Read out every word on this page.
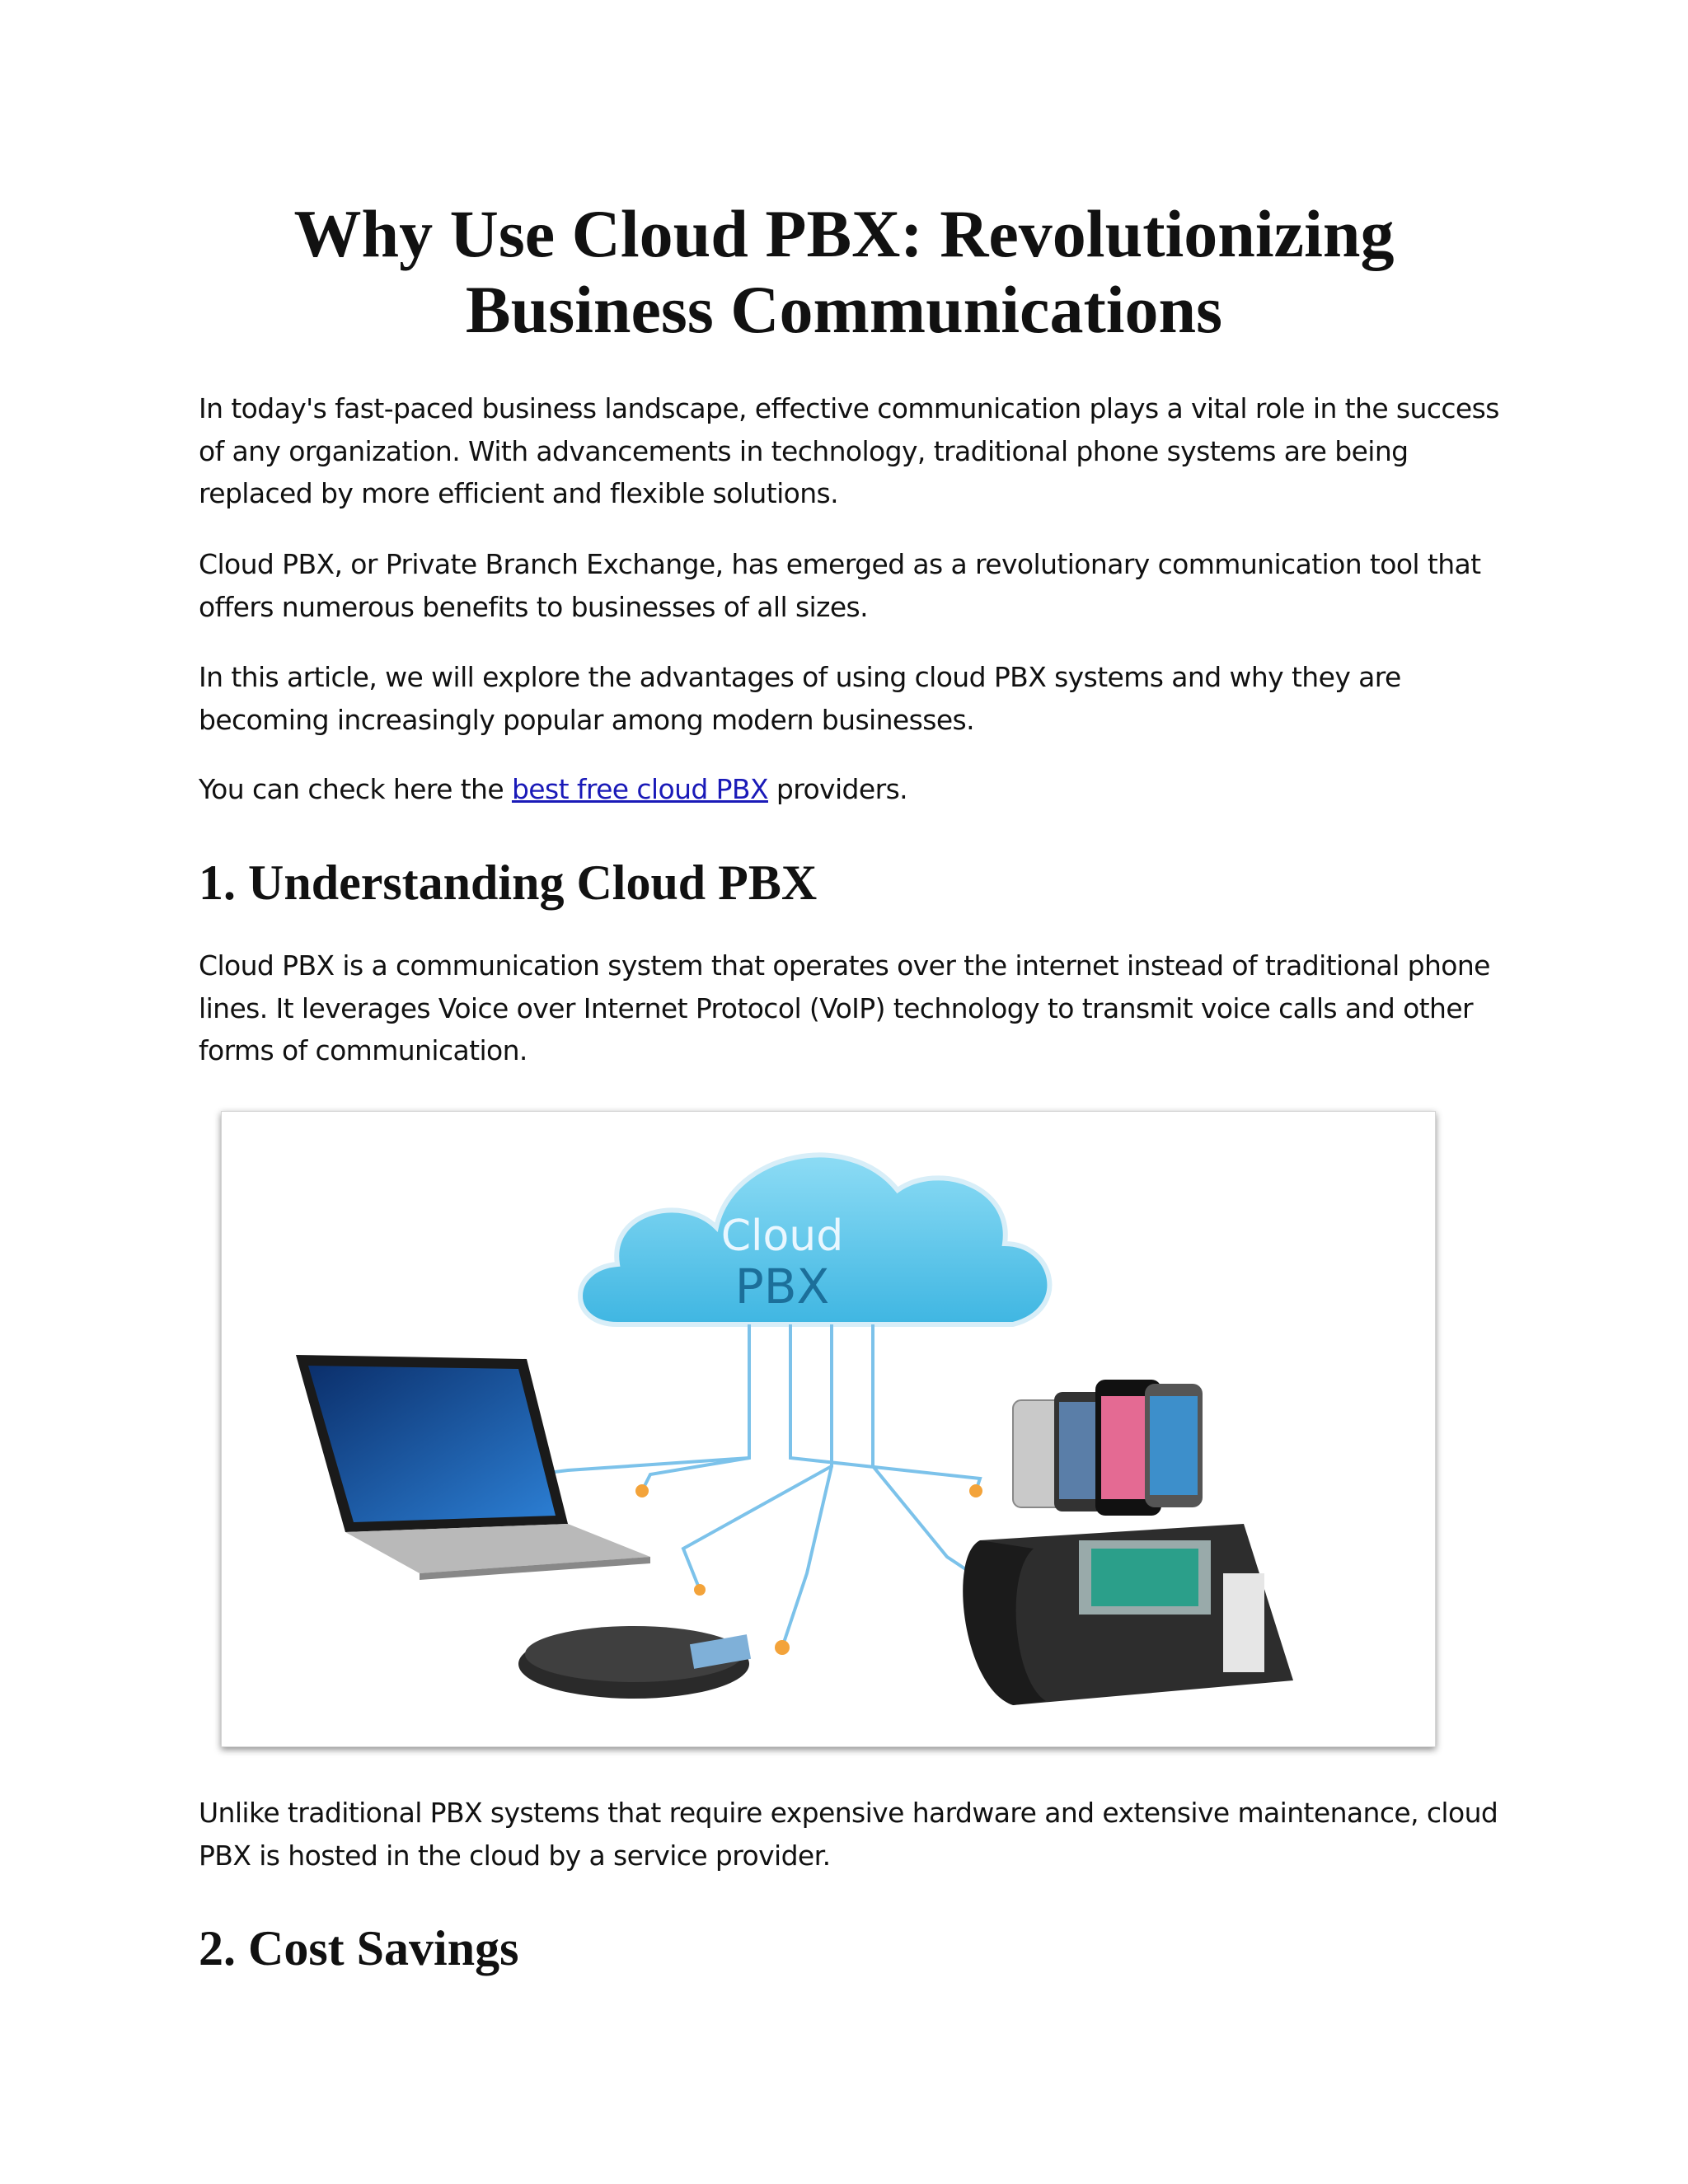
Why Use Cloud PBX: Revolutionizing
Business Communications

In today's fast-paced business landscape, effective communication plays a vital role in the success of any organization. With advancements in technology, traditional phone systems are being replaced by more efficient and flexible solutions.

Cloud PBX, or Private Branch Exchange, has emerged as a revolutionary communication tool that offers numerous benefits to businesses of all sizes.

In this article, we will explore the advantages of using cloud PBX systems and why they are becoming increasingly popular among modern businesses.

You can check here the best free cloud PBX providers.

1. Understanding Cloud PBX

Cloud PBX is a communication system that operates over the internet instead of traditional phone lines. It leverages Voice over Internet Protocol (VoIP) technology to transmit voice calls and other forms of communication.

Cloud
PBX

Unlike traditional PBX systems that require expensive hardware and extensive maintenance, cloud PBX is hosted in the cloud by a service provider.

2. Cost Savings
